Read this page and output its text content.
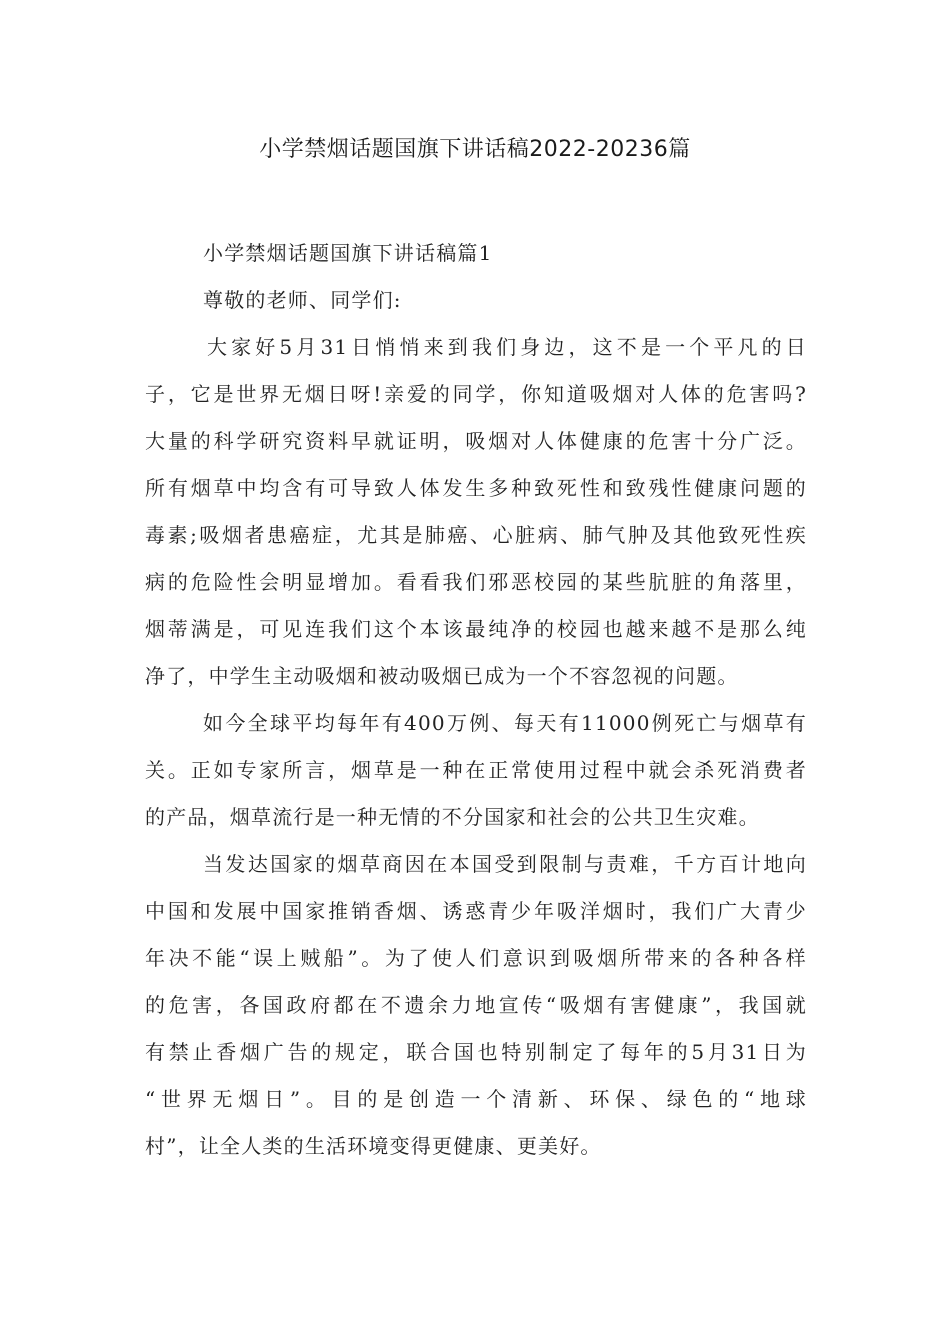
小学禁烟话题国旗下讲话稿2022-20236篇
小学禁烟话题国旗下讲话稿篇1
尊敬的老师、同学们:
大家好5月31日悄悄来到我们身边，这不是一个平凡的日
子，它是世界无烟日呀!亲爱的同学，你知道吸烟对人体的危害吗?
大量的科学研究资料早就证明，吸烟对人体健康的危害十分广泛。
所有烟草中均含有可导致人体发生多种致死性和致残性健康问题的
毒素;吸烟者患癌症，尤其是肺癌、心脏病、肺气肿及其他致死性疾
病的危险性会明显增加。看看我们邪恶校园的某些肮脏的角落里，
烟蒂满是，可见连我们这个本该最纯净的校园也越来越不是那么纯
净了，中学生主动吸烟和被动吸烟已成为一个不容忽视的问题。
如今全球平均每年有400万例、每天有11000例死亡与烟草有
关。正如专家所言，烟草是一种在正常使用过程中就会杀死消费者
的产品，烟草流行是一种无情的不分国家和社会的公共卫生灾难。
当发达国家的烟草商因在本国受到限制与责难，千方百计地向
中国和发展中国家推销香烟、诱惑青少年吸洋烟时，我们广大青少
年决不能“误上贼船”。为了使人们意识到吸烟所带来的各种各样
的危害，各国政府都在不遗余力地宣传“吸烟有害健康”，我国就
有禁止香烟广告的规定，联合国也特别制定了每年的5月31日为
“世界无烟日”。目的是创造一个清新、环保、绿色的“地球
村”，让全人类的生活环境变得更健康、更美好。
